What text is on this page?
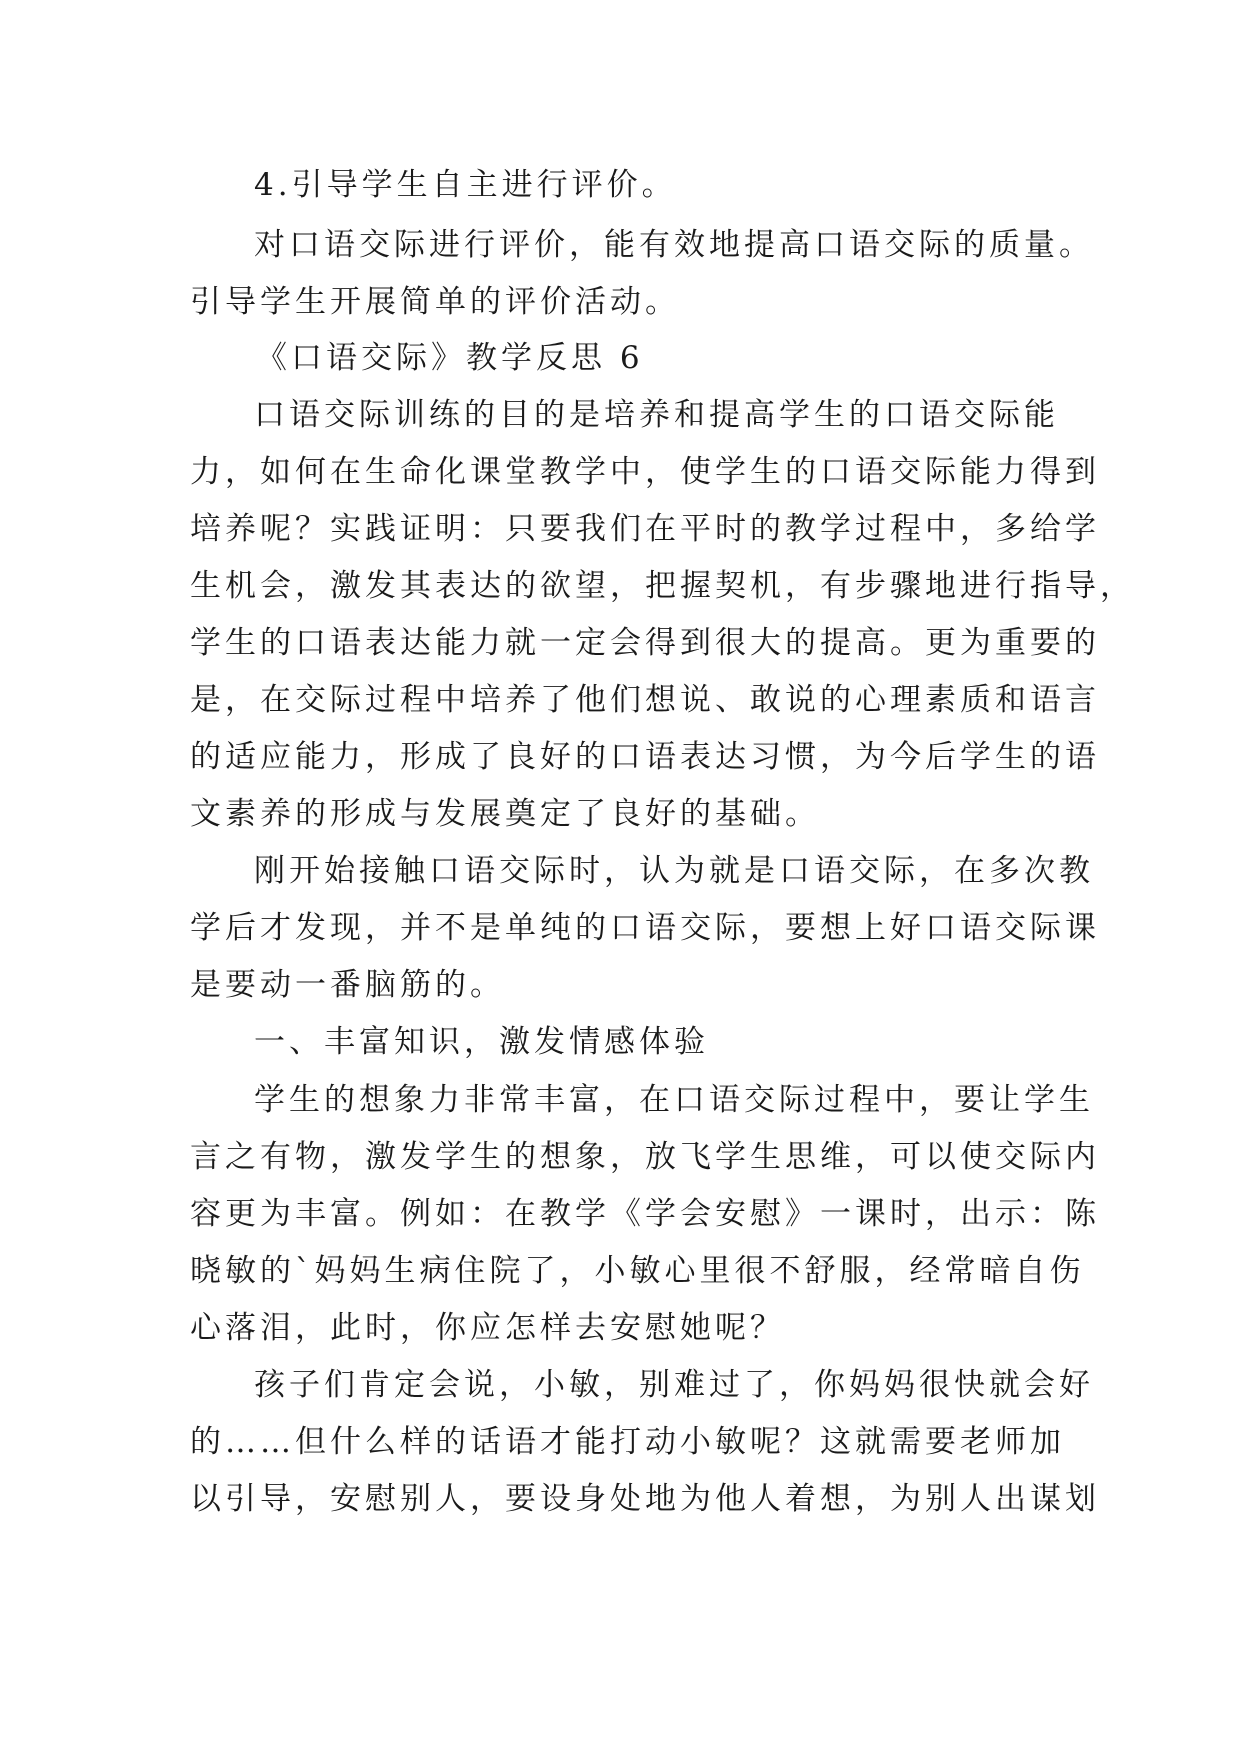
4.引导学生自主进行评价。
对口语交际进行评价，能有效地提高口语交际的质量。
引导学生开展简单的评价活动。
《口语交际》教学反思 6
口语交际训练的目的是培养和提高学生的口语交际能
力，如何在生命化课堂教学中，使学生的口语交际能力得到
培养呢？实践证明：只要我们在平时的教学过程中，多给学
生机会，激发其表达的欲望，把握契机，有步骤地进行指导，
学生的口语表达能力就一定会得到很大的提高。更为重要的
是，在交际过程中培养了他们想说、敢说的心理素质和语言
的适应能力，形成了良好的口语表达习惯，为今后学生的语
文素养的形成与发展奠定了良好的基础。
刚开始接触口语交际时，认为就是口语交际，在多次教
学后才发现，并不是单纯的口语交际，要想上好口语交际课
是要动一番脑筋的。
一、丰富知识，激发情感体验
学生的想象力非常丰富，在口语交际过程中，要让学生
言之有物，激发学生的想象，放飞学生思维，可以使交际内
容更为丰富。例如：在教学《学会安慰》一课时，出示：陈
晓敏的`妈妈生病住院了，小敏心里很不舒服，经常暗自伤
心落泪，此时，你应怎样去安慰她呢？
孩子们肯定会说，小敏，别难过了，你妈妈很快就会好
的……但什么样的话语才能打动小敏呢？这就需要老师加
以引导，安慰别人，要设身处地为他人着想，为别人出谋划
